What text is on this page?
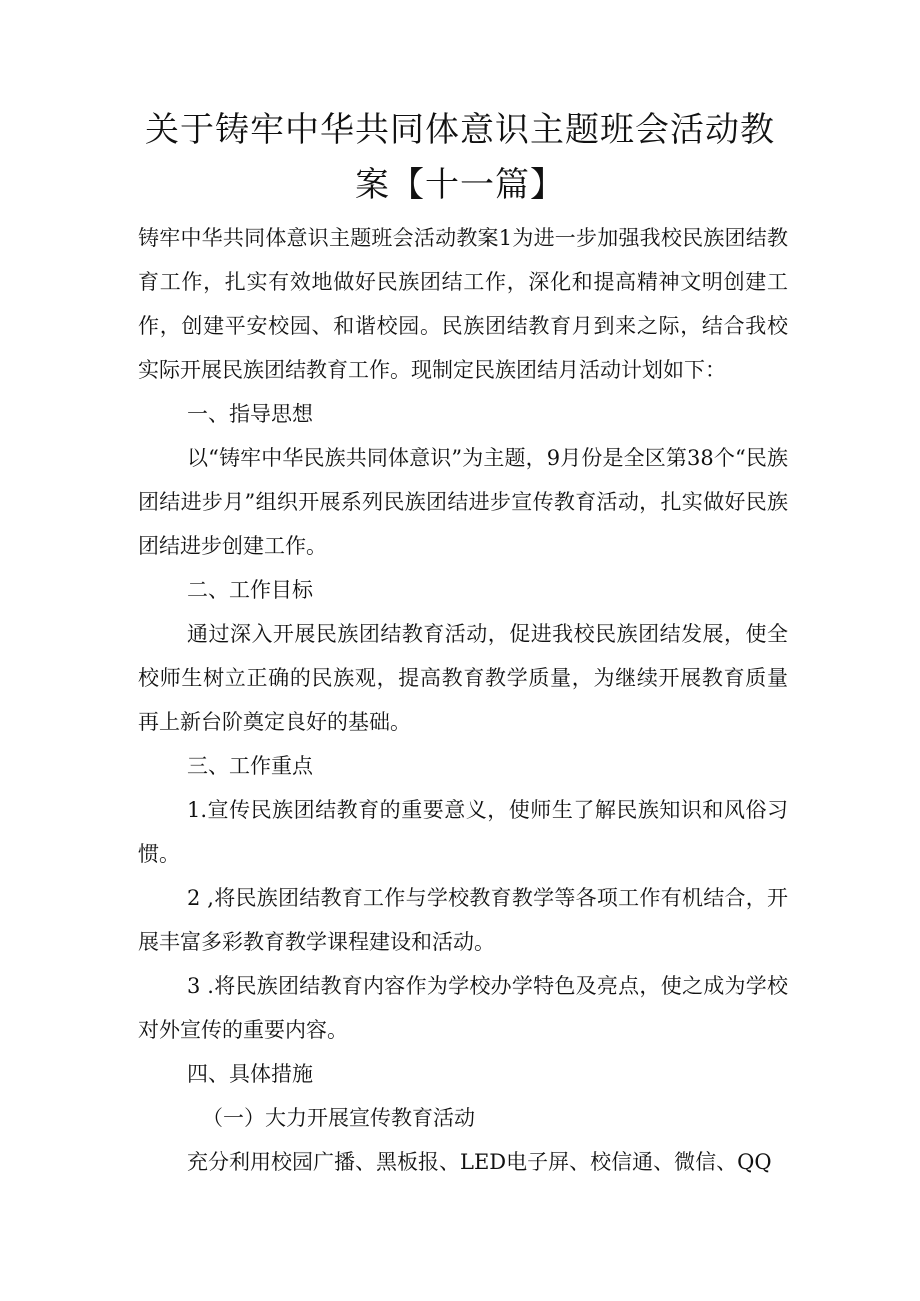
关于铸牢中华共同体意识主题班会活动教
案【十一篇】

铸牢中华共同体意识主题班会活动教案1为进一步加强我校民族团结教育工作，扎实有效地做好民族团结工作，深化和提高精神文明创建工作，创建平安校园、和谐校园。民族团结教育月到来之际，结合我校实际开展民族团结教育工作。现制定民族团结月活动计划如下：

一、指导思想

以“铸牢中华民族共同体意识”为主题，9月份是全区第38个“民族团结进步月”组织开展系列民族团结进步宣传教育活动，扎实做好民族团结进步创建工作。

二、工作目标

通过深入开展民族团结教育活动，促进我校民族团结发展，使全校师生树立正确的民族观，提高教育教学质量，为继续开展教育质量再上新台阶奠定良好的基础。

三、工作重点

1.宣传民族团结教育的重要意义，使师生了解民族知识和风俗习惯。

2 ,将民族团结教育工作与学校教育教学等各项工作有机结合，开展丰富多彩教育教学课程建设和活动。

3 .将民族团结教育内容作为学校办学特色及亮点，使之成为学校对外宣传的重要内容。

四、具体措施

（一）大力开展宣传教育活动

充分利用校园广播、黑板报、LED电子屏、校信通、微信、QQ
